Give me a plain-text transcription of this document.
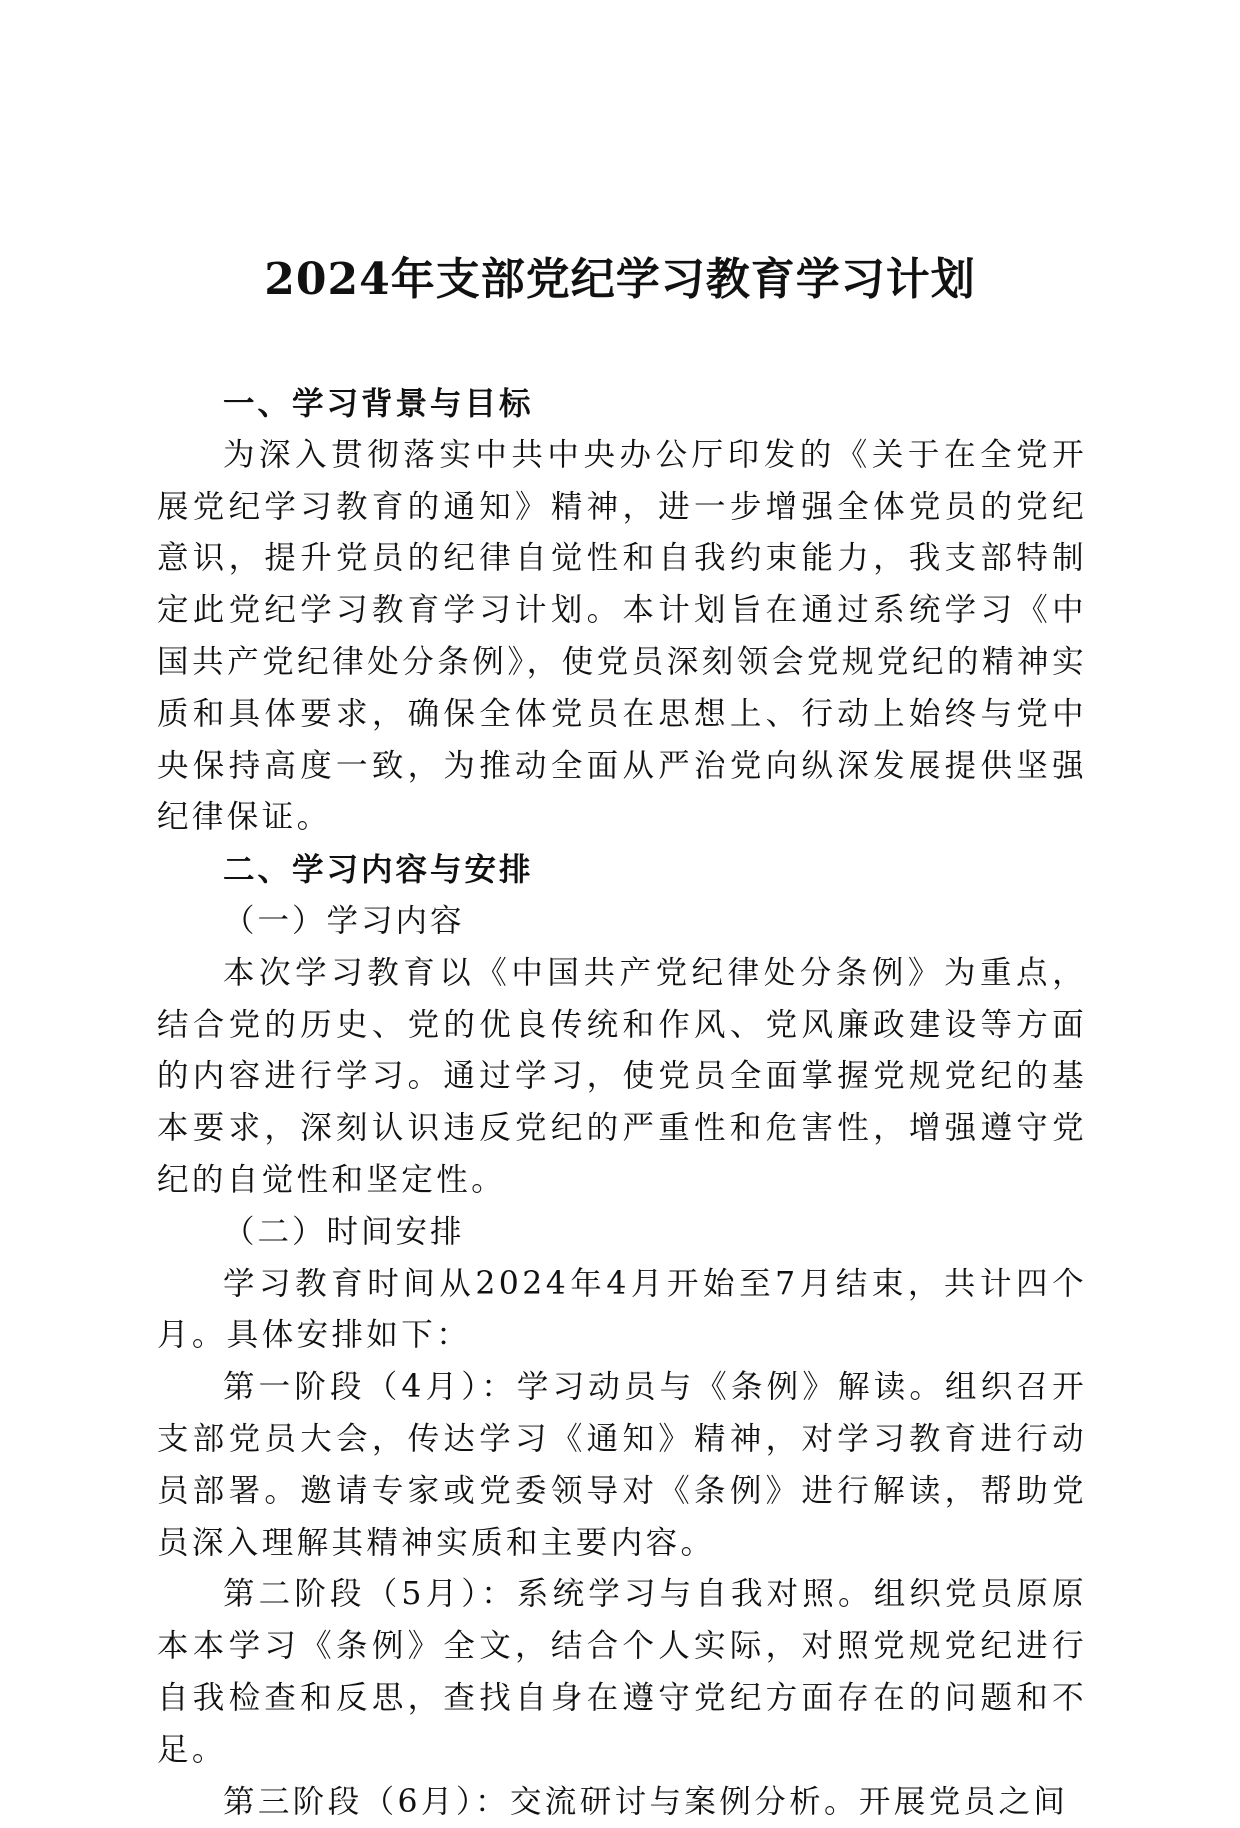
2024年支部党纪学习教育学习计划
一、学习背景与目标

为深入贯彻落实中共中央办公厅印发的《关于在全党开展党纪学习教育的通知》精神，进一步增强全体党员的党纪意识，提升党员的纪律自觉性和自我约束能力，我支部特制定此党纪学习教育学习计划。本计划旨在通过系统学习《中国共产党纪律处分条例》，使党员深刻领会党规党纪的精神实质和具体要求，确保全体党员在思想上、行动上始终与党中央保持高度一致，为推动全面从严治党向纵深发展提供坚强纪律保证。

二、学习内容与安排
（一）学习内容

本次学习教育以《中国共产党纪律处分条例》为重点，结合党的历史、党的优良传统和作风、党风廉政建设等方面的内容进行学习。通过学习，使党员全面掌握党规党纪的基本要求，深刻认识违反党纪的严重性和危害性，增强遵守党纪的自觉性和坚定性。

（二）时间安排

学习教育时间从2024年4月开始至7月结束，共计四个月。具体安排如下：

第一阶段（4月）：学习动员与《条例》解读。组织召开支部党员大会，传达学习《通知》精神，对学习教育进行动员部署。邀请专家或党委领导对《条例》进行解读，帮助党员深入理解其精神实质和主要内容。

第二阶段（5月）：系统学习与自我对照。组织党员原原本本学习《条例》全文，结合个人实际，对照党规党纪进行自我检查和反思，查找自身在遵守党纪方面存在的问题和不足。

第三阶段（6月）：交流研讨与案例分析。开展党员之间
